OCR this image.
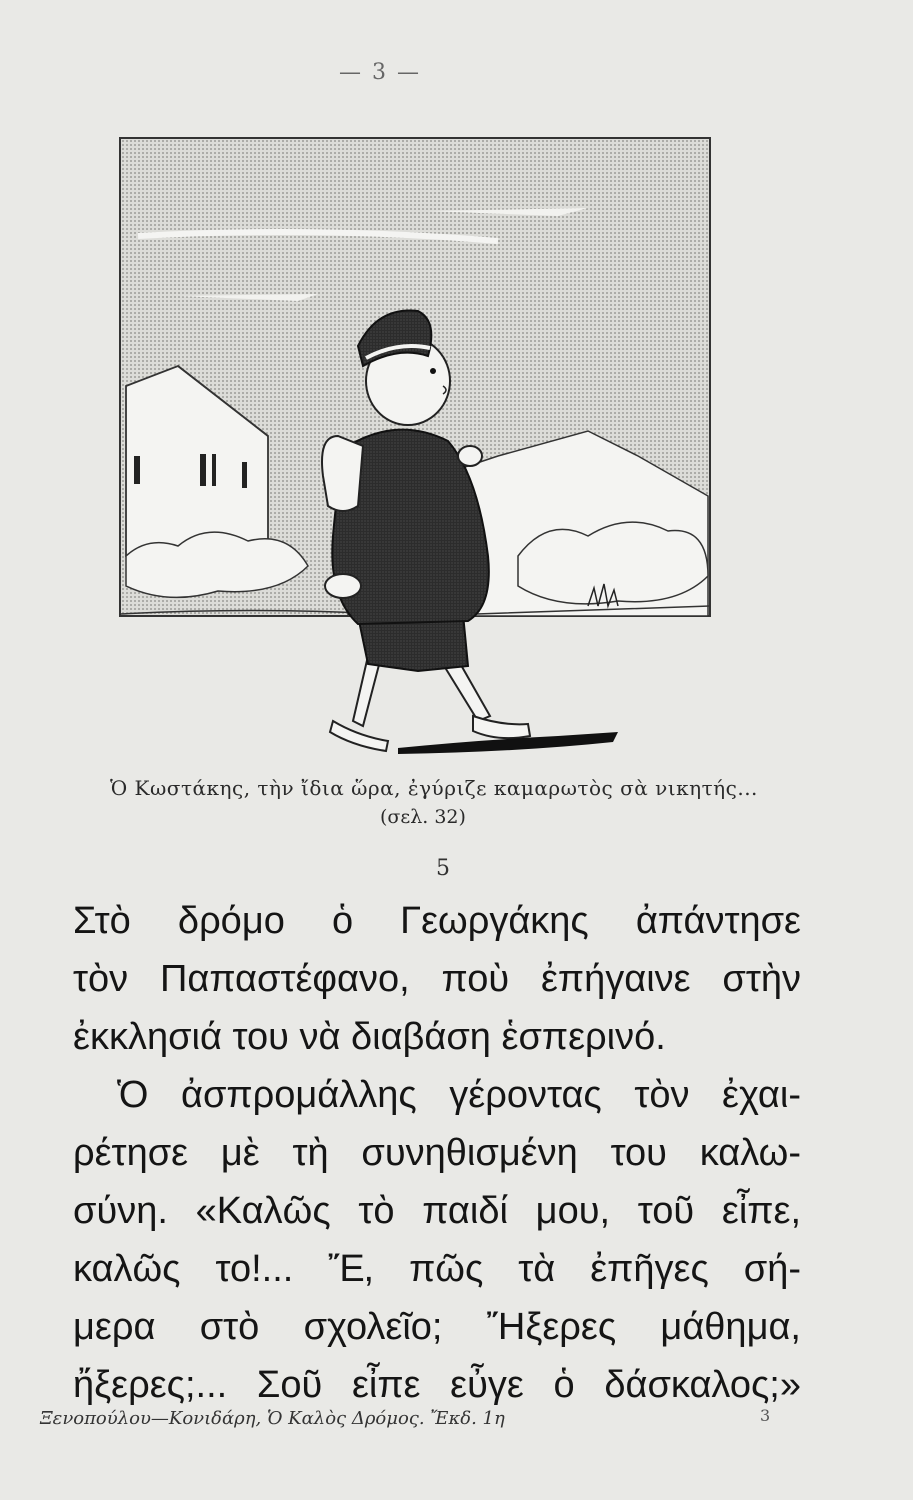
— 3 —
Ὁ Κωστάκης, τὴν ἴδια ὥρα, ἐγύριζε καμαρωτὸς σὰ νικητής...
(σελ. 32)
5
Στὸ δρόμο ὁ Γεωργάκης ἀπάντησε
τὸν Παπαστέφανο, ποὺ ἐπήγαινε στὴν
ἐκκλησιά του νὰ διαβάση ἑσπερινό.
Ὁ ἀσπρομάλλης γέροντας τὸν ἐχαι-
ρέτησε μὲ τὴ συνηθισμένη του καλω-
σύνη. «Καλῶς τὸ παιδί μου, τοῦ εἶπε,
καλῶς το!... Ἔ, πῶς τὰ ἐπῆγες σή-
μερα στὸ σχολεῖο; Ἤξερες μάθημα,
ἤξερες;... Σοῦ εἶπε εὖγε ὁ δάσκαλος;»
Ξενοπούλου—Κονιδάρη, Ὁ Καλὸς Δρόμος. Ἔκδ. 1η	3
